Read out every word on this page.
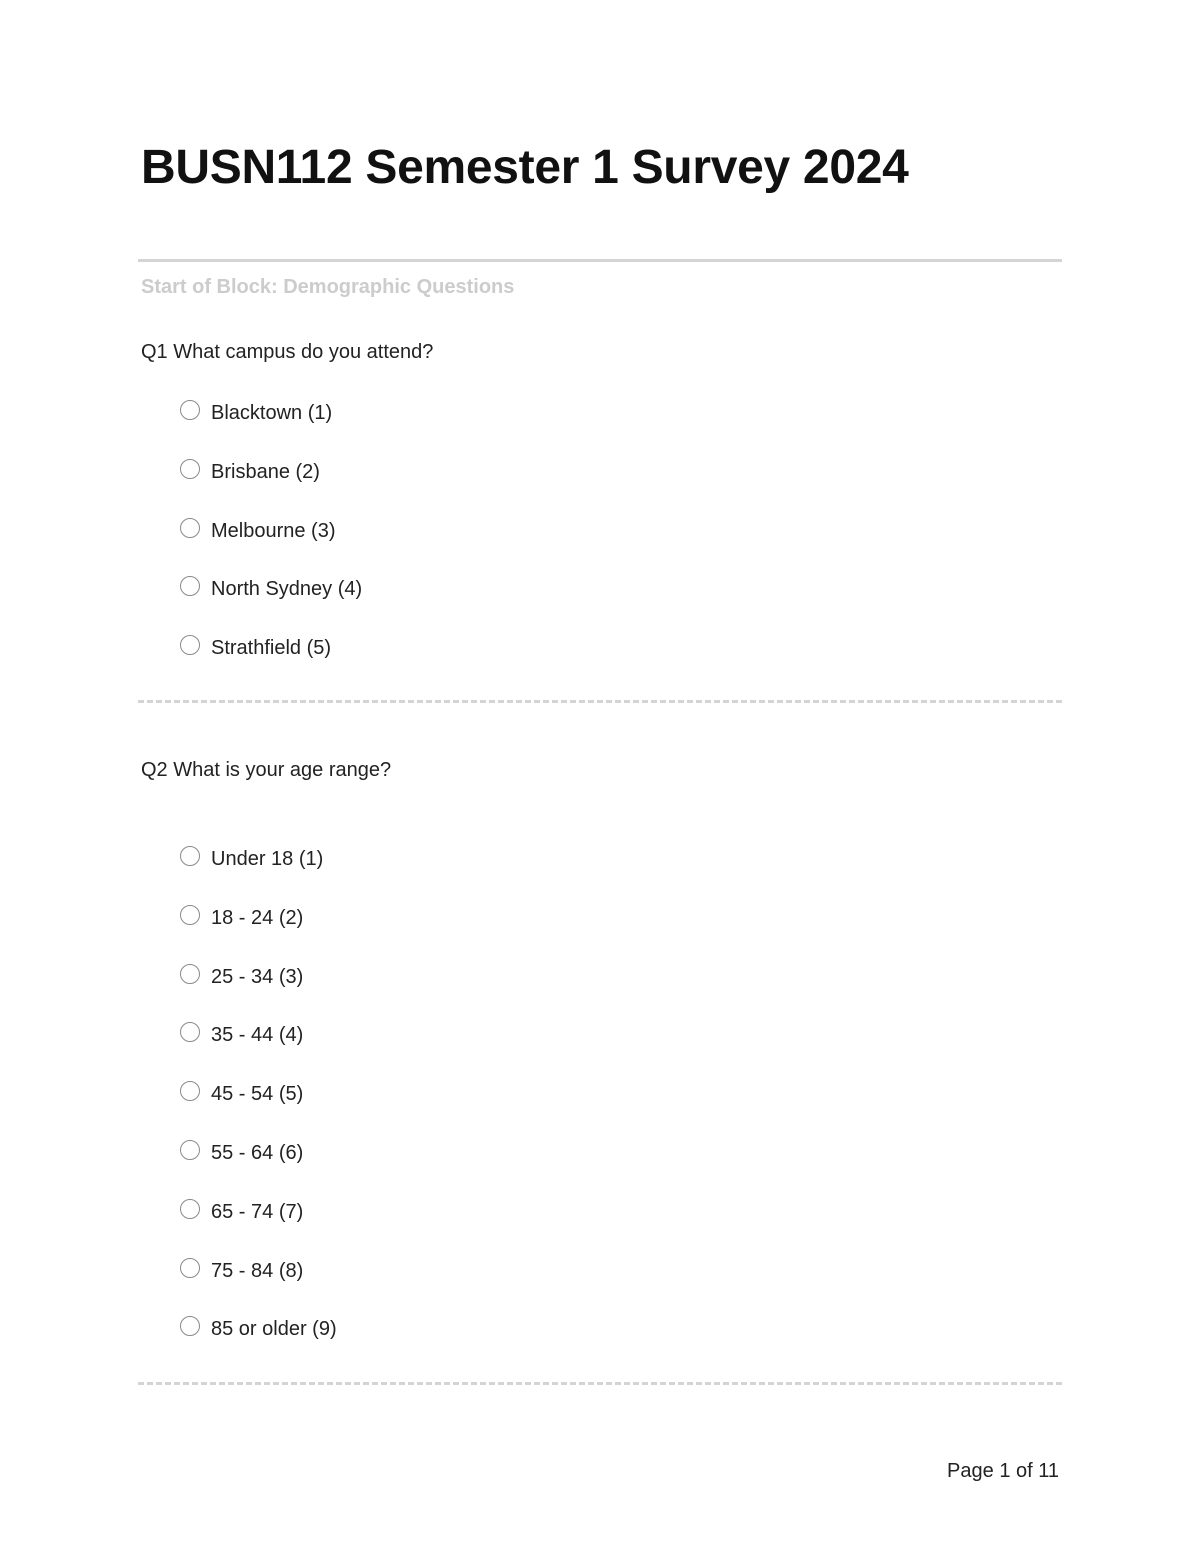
BUSN112 Semester 1 Survey 2024
Start of Block: Demographic Questions
Q1 What campus do you attend?
Blacktown (1)
Brisbane (2)
Melbourne (3)
North Sydney (4)
Strathfield (5)
Q2 What is your age range?
Under 18 (1)
18 - 24 (2)
25 - 34 (3)
35 - 44 (4)
45 - 54 (5)
55 - 64 (6)
65 - 74 (7)
75 - 84 (8)
85 or older (9)
Page 1 of 11
